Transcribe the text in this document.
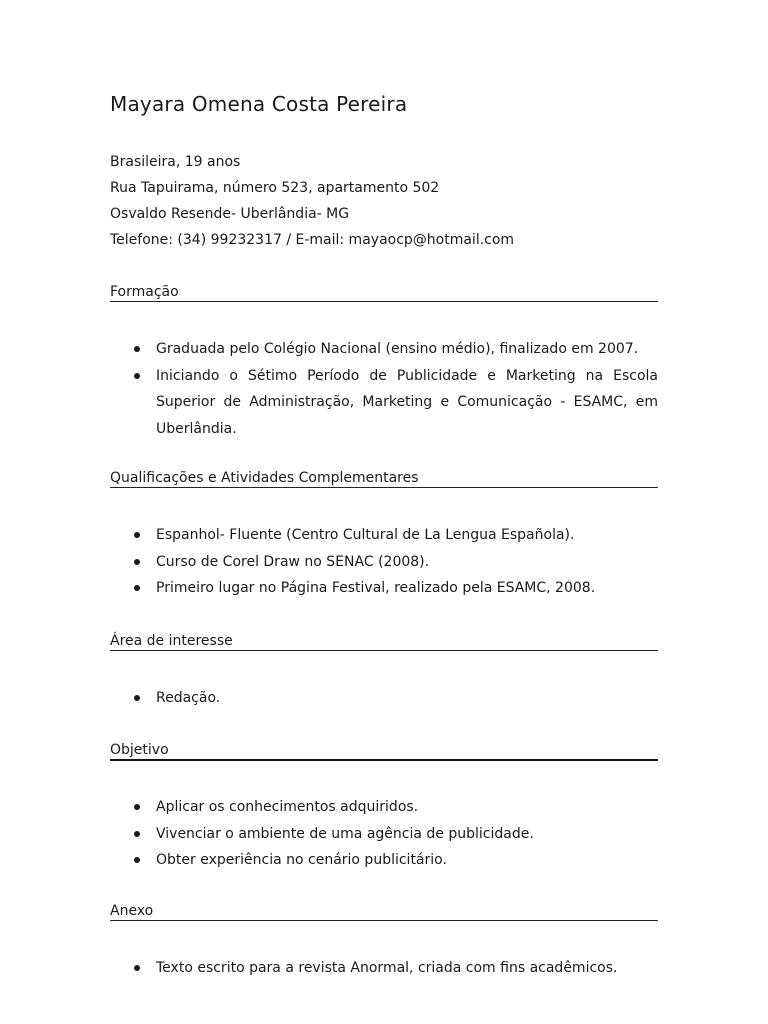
Mayara Omena Costa Pereira
Brasileira, 19 anos
Rua Tapuirama, número 523, apartamento 502
Osvaldo Resende- Uberlândia- MG
Telefone: (34) 99232317 / E-mail: mayaocp@hotmail.com
Formação
Graduada pelo Colégio Nacional (ensino médio), finalizado em 2007.
Iniciando o Sétimo Período de Publicidade e Marketing na Escola Superior de Administração, Marketing e Comunicação - ESAMC, em Uberlândia.
Qualificações e Atividades Complementares
Espanhol- Fluente (Centro Cultural de La Lengua Española).
Curso de Corel Draw no SENAC (2008).
Primeiro lugar no Página Festival, realizado pela ESAMC, 2008.
Área de interesse
Redação.
Objetivo
Aplicar os conhecimentos adquiridos.
Vivenciar o ambiente de uma agência de publicidade.
Obter experiência no cenário publicitário.
Anexo
Texto escrito para a revista Anormal, criada com fins acadêmicos.
